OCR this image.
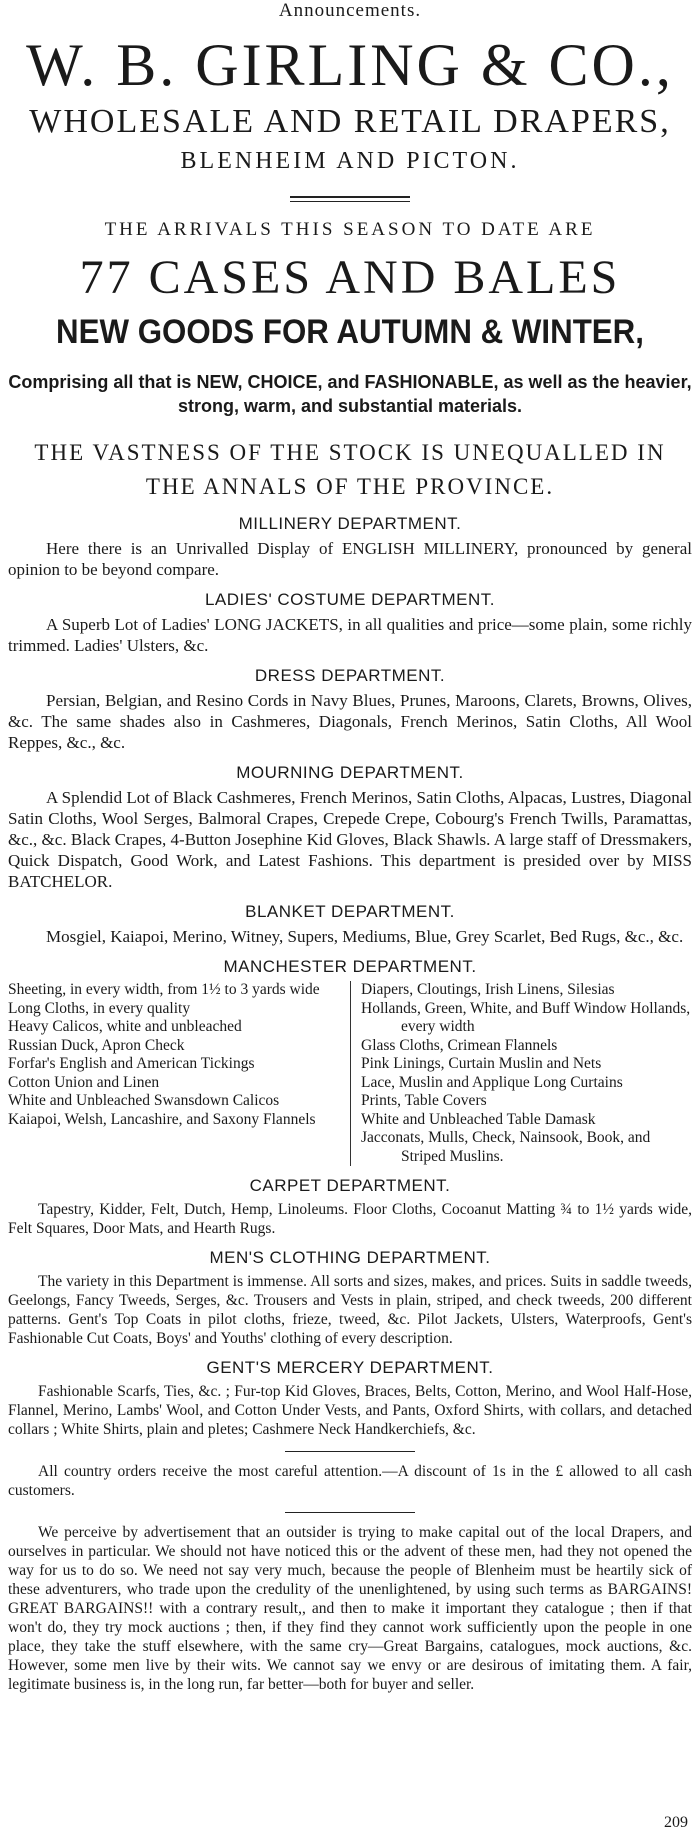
Announcements.
W. B. GIRLING & CO.,
WHOLESALE AND RETAIL DRAPERS,
BLENHEIM AND PICTON.
THE ARRIVALS THIS SEASON TO DATE ARE
77 CASES AND BALES
NEW GOODS FOR AUTUMN & WINTER,
Comprising all that is NEW, CHOICE, and FASHIONABLE, as well as the heavier, strong, warm, and substantial materials.
THE VASTNESS OF THE STOCK IS UNEQUALLED IN THE ANNALS OF THE PROVINCE.
MILLINERY DEPARTMENT.

Here there is an Unrivalled Display of ENGLISH MILLINERY, pronounced by general opinion to be beyond compare.

LADIES' COSTUME DEPARTMENT.

A Superb Lot of Ladies' LONG JACKETS, in all qualities and price—some plain, some richly trimmed. Ladies' Ulsters, &c.

DRESS DEPARTMENT.

Persian, Belgian, and Resino Cords in Navy Blues, Prunes, Maroons, Clarets, Browns, Olives, &c. The same shades also in Cashmeres, Diagonals, French Merinos, Satin Cloths, All Wool Reppes, &c., &c.

MOURNING DEPARTMENT.

A Splendid Lot of Black Cashmeres, French Merinos, Satin Cloths, Alpacas, Lustres, Diagonal Satin Cloths, Wool Serges, Balmoral Crapes, Crepede Crepe, Cobourg's French Twills, Paramattas, &c., &c. Black Crapes, 4-Button Josephine Kid Gloves, Black Shawls. A large staff of Dressmakers, Quick Dispatch, Good Work, and Latest Fashions. This department is presided over by MISS BATCHELOR.

BLANKET DEPARTMENT.

Mosgiel, Kaiapoi, Merino, Witney, Supers, Mediums, Blue, Grey Scarlet, Bed Rugs, &c., &c.

MANCHESTER DEPARTMENT.

Sheeting, in every width, from 1½ to 3 yards wide

Long Cloths, in every quality

Heavy Calicos, white and unbleached

Russian Duck, Apron Check

Forfar's English and American Tickings

Cotton Union and Linen

White and Unbleached Swansdown Calicos

Kaiapoi, Welsh, Lancashire, and Saxony Flannels

Diapers, Cloutings, Irish Linens, Silesias

Hollands, Green, White, and Buff Window Hollands, every width

Glass Cloths, Crimean Flannels

Pink Linings, Curtain Muslin and Nets

Lace, Muslin and Applique Long Curtains

Prints, Table Covers

White and Unbleached Table Damask

Jacconats, Mulls, Check, Nainsook, Book, and Striped Muslins.

CARPET DEPARTMENT.

Tapestry, Kidder, Felt, Dutch, Hemp, Linoleums. Floor Cloths, Cocoanut Matting ¾ to 1½ yards wide, Felt Squares, Door Mats, and Hearth Rugs.

MEN'S CLOTHING DEPARTMENT.

The variety in this Department is immense. All sorts and sizes, makes, and prices. Suits in saddle tweeds, Geelongs, Fancy Tweeds, Serges, &c. Trousers and Vests in plain, striped, and check tweeds, 200 different patterns. Gent's Top Coats in pilot cloths, frieze, tweed, &c. Pilot Jackets, Ulsters, Waterproofs, Gent's Fashionable Cut Coats, Boys' and Youths' clothing of every description.

GENT'S MERCERY DEPARTMENT.

Fashionable Scarfs, Ties, &c. ; Fur-top Kid Gloves, Braces, Belts, Cotton, Merino, and Wool Half-Hose, Flannel, Merino, Lambs' Wool, and Cotton Under Vests, and Pants, Oxford Shirts, with collars, and detached collars ; White Shirts, plain and pletes; Cashmere Neck Handkerchiefs, &c.

All country orders receive the most careful attention.—A discount of 1s in the £ allowed to all cash customers.

We perceive by advertisement that an outsider is trying to make capital out of the local Drapers, and ourselves in particular. We should not have noticed this or the advent of these men, had they not opened the way for us to do so. We need not say very much, because the people of Blenheim must be heartily sick of these adventurers, who trade upon the credulity of the unenlightened, by using such terms as BARGAINS! GREAT BARGAINS!! with a contrary result,, and then to make it important they catalogue ; then if that won't do, they try mock auctions ; then, if they find they cannot work sufficiently upon the people in one place, they take the stuff elsewhere, with the same cry—Great Bargains, catalogues, mock auctions, &c. However, some men live by their wits. We cannot say we envy or are desirous of imitating them. A fair, legitimate business is, in the long run, far better—both for buyer and seller.

209
